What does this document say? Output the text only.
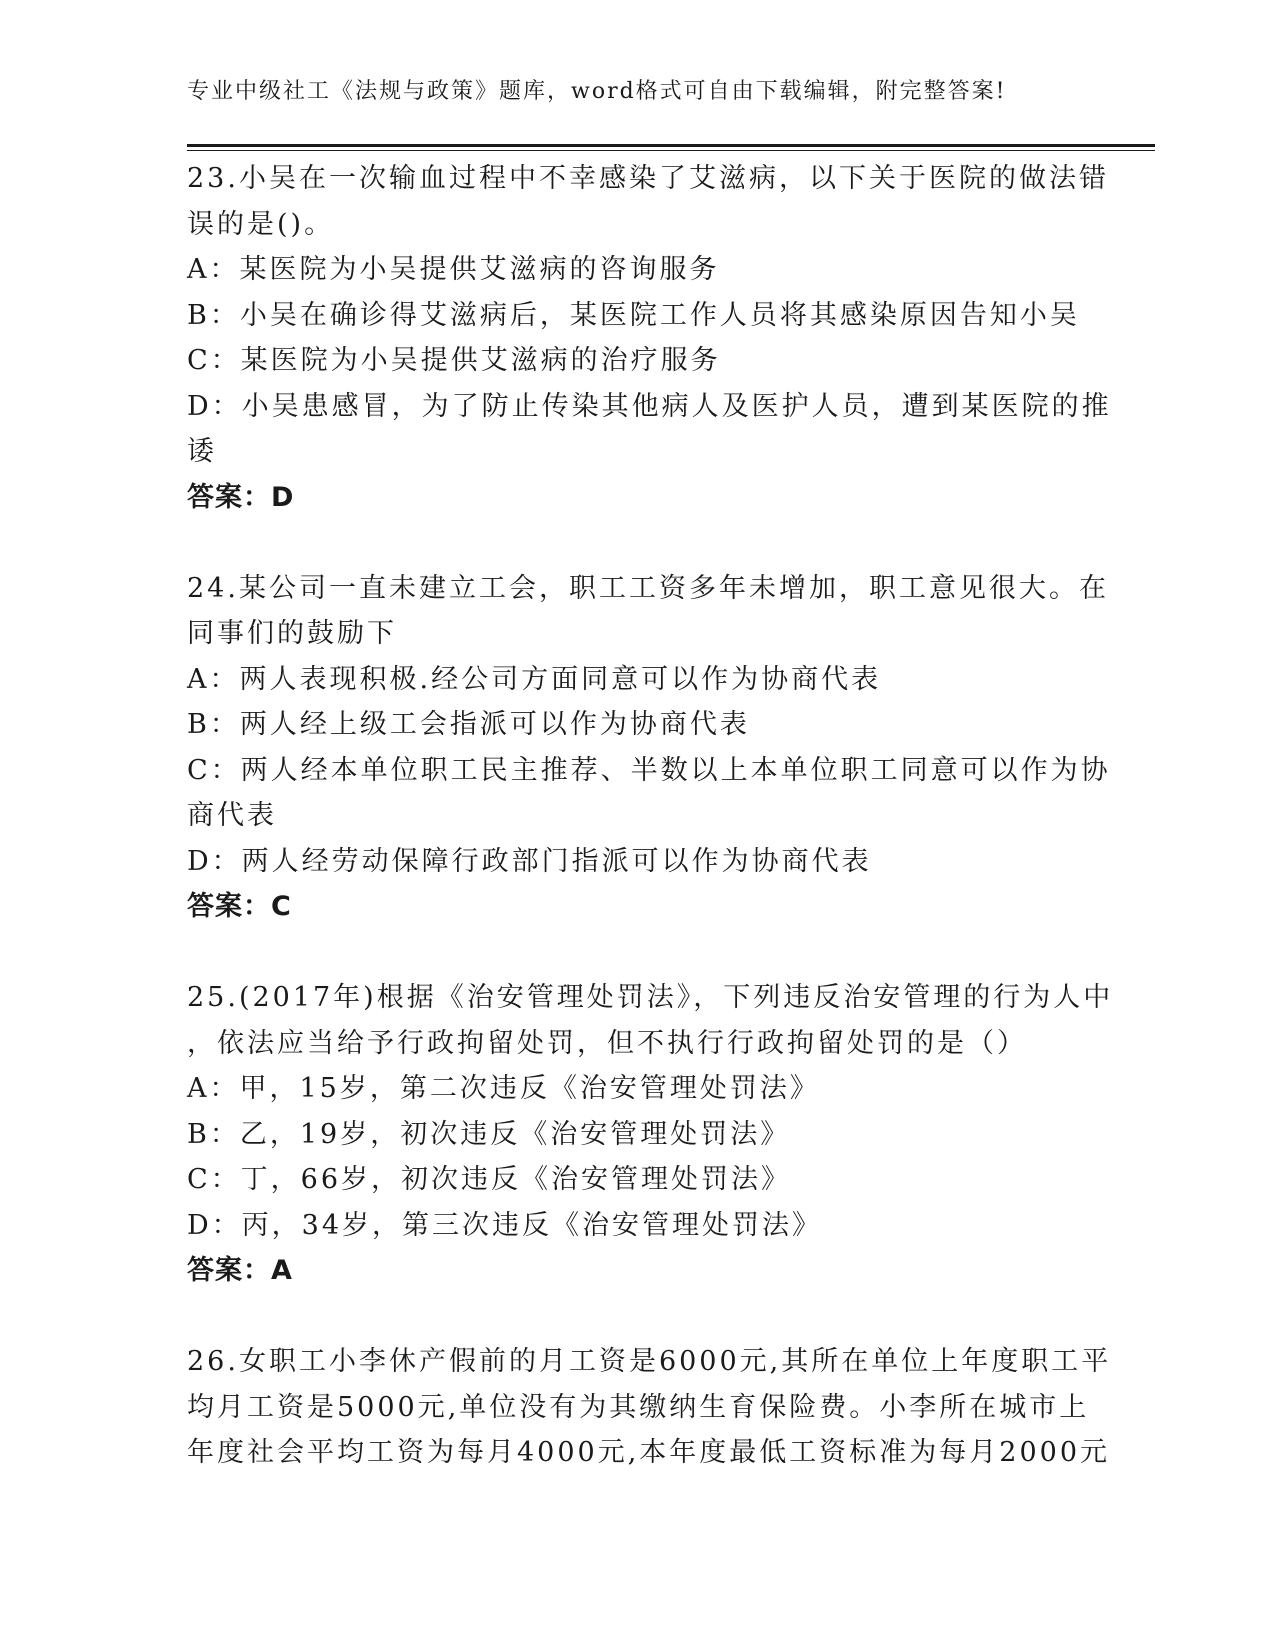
专业中级社工《法规与政策》题库，word格式可自由下载编辑，附完整答案!
23.小吴在一次输血过程中不幸感染了艾滋病，以下关于医院的做法错
误的是()。
A：某医院为小吴提供艾滋病的咨询服务
B：小吴在确诊得艾滋病后，某医院工作人员将其感染原因告知小吴
C：某医院为小吴提供艾滋病的治疗服务
D：小吴患感冒，为了防止传染其他病人及医护人员，遭到某医院的推
诿
答案：D
24.某公司一直未建立工会，职工工资多年未增加，职工意见很大。在
同事们的鼓励下
A：两人表现积极.经公司方面同意可以作为协商代表
B：两人经上级工会指派可以作为协商代表
C：两人经本单位职工民主推荐、半数以上本单位职工同意可以作为协
商代表
D：两人经劳动保障行政部门指派可以作为协商代表
答案：C
25.(2017年)根据《治安管理处罚法》，下列违反治安管理的行为人中
，依法应当给予行政拘留处罚，但不执行行政拘留处罚的是（）
A：甲，15岁，第二次违反《治安管理处罚法》
B：乙，19岁，初次违反《治安管理处罚法》
C：丁，66岁，初次违反《治安管理处罚法》
D：丙，34岁，第三次违反《治安管理处罚法》
答案：A
26.女职工小李休产假前的月工资是6000元,其所在单位上年度职工平
均月工资是5000元,单位没有为其缴纳生育保险费。小李所在城市上
年度社会平均工资为每月4000元,本年度最低工资标准为每月2000元
